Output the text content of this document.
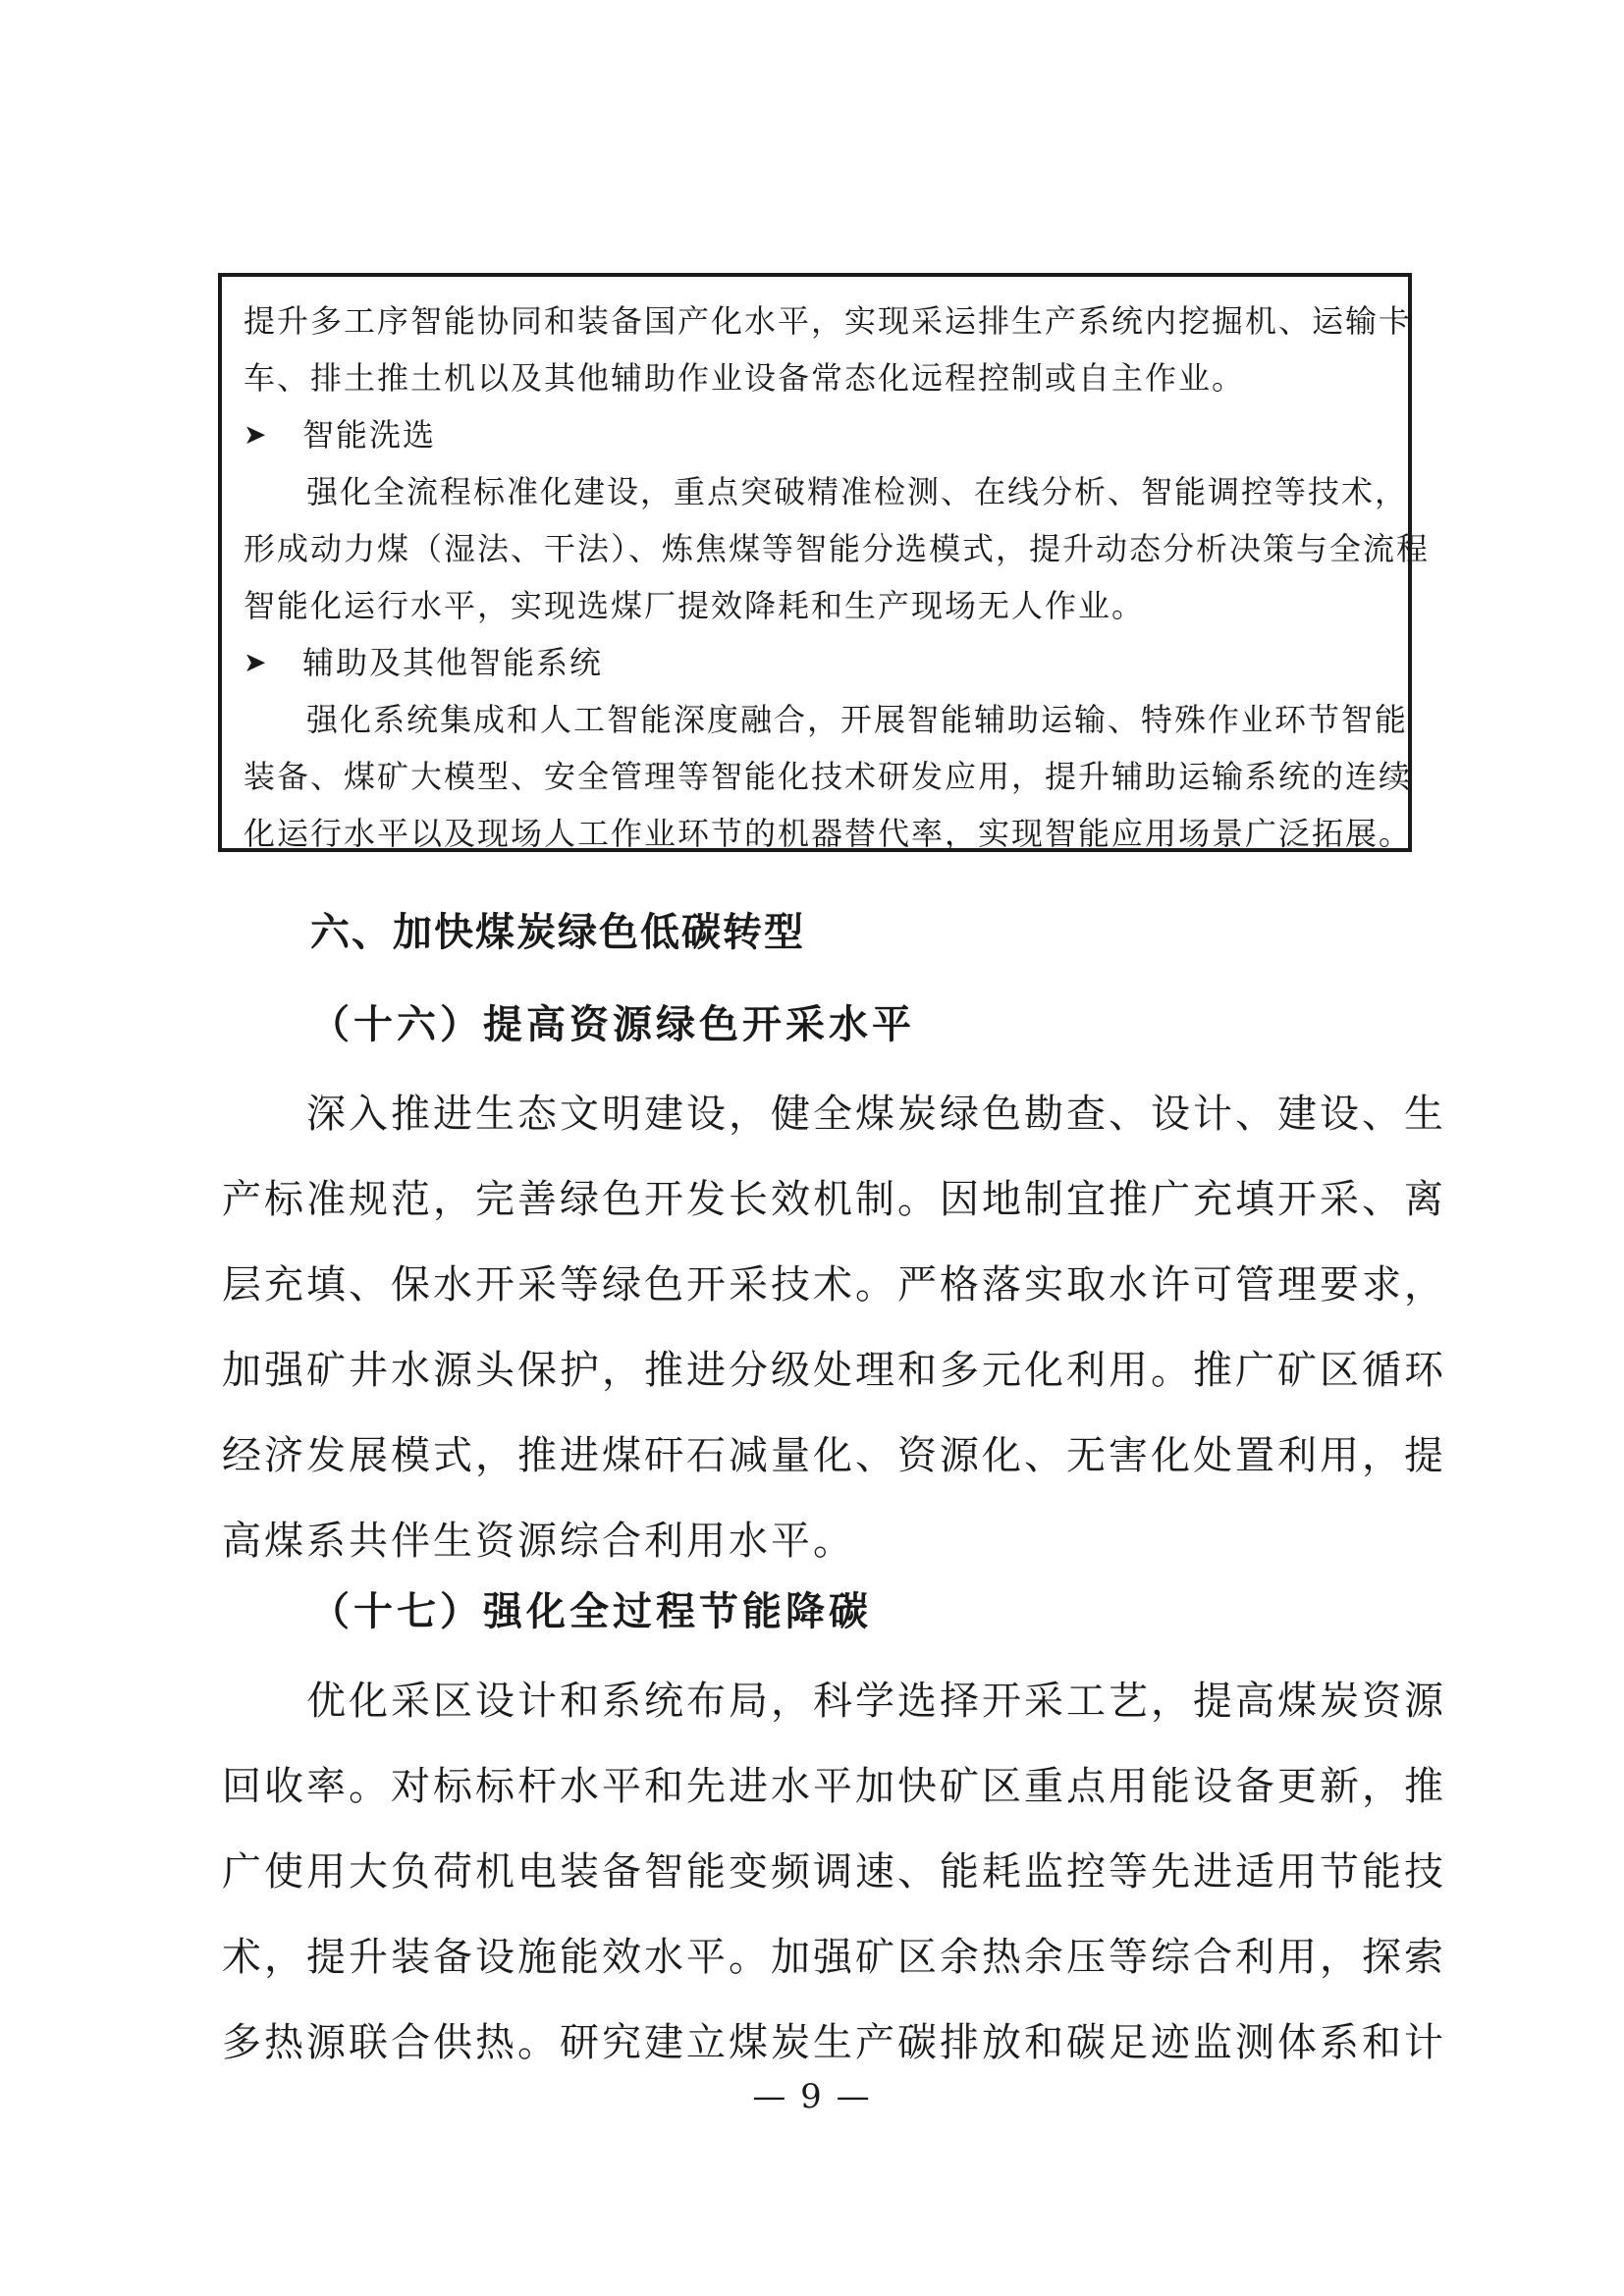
提升多工序智能协同和装备国产化水平，实现采运排生产系统内挖掘机、运输卡
车、排土推土机以及其他辅助作业设备常态化远程控制或自主作业。
➤	智能洗选
强化全流程标准化建设，重点突破精准检测、在线分析、智能调控等技术，
形成动力煤（湿法、干法）、炼焦煤等智能分选模式，提升动态分析决策与全流程
智能化运行水平，实现选煤厂提效降耗和生产现场无人作业。
➤	辅助及其他智能系统
强化系统集成和人工智能深度融合，开展智能辅助运输、特殊作业环节智能
装备、煤矿大模型、安全管理等智能化技术研发应用，提升辅助运输系统的连续
化运行水平以及现场人工作业环节的机器替代率，实现智能应用场景广泛拓展。
六、加快煤炭绿色低碳转型
（十六）提高资源绿色开采水平
深入推进生态文明建设，健全煤炭绿色勘查、设计、建设、生
产标准规范，完善绿色开发长效机制。因地制宜推广充填开采、离
层充填、保水开采等绿色开采技术。严格落实取水许可管理要求，
加强矿井水源头保护，推进分级处理和多元化利用。推广矿区循环
经济发展模式，推进煤矸石减量化、资源化、无害化处置利用，提
高煤系共伴生资源综合利用水平。
（十七）强化全过程节能降碳
优化采区设计和系统布局，科学选择开采工艺，提高煤炭资源
回收率。对标标杆水平和先进水平加快矿区重点用能设备更新，推
广使用大负荷机电装备智能变频调速、能耗监控等先进适用节能技
术，提升装备设施能效水平。加强矿区余热余压等综合利用，探索
多热源联合供热。研究建立煤炭生产碳排放和碳足迹监测体系和计
— 9 —
